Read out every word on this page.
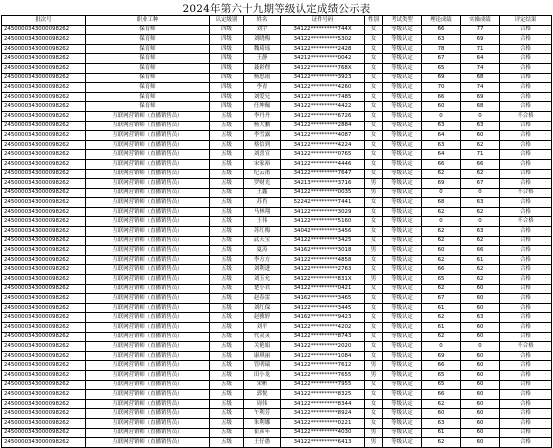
2024年第六十九期等级认定成绩公示表
批次号	职业工种	认定级别	姓名	证件号码	性别	考试类型	理论成绩	实操成绩	评定结果
2450000343000098262	保育师	四级	刘宇	34122**********744X	女	等级认定	66	77	合格
2450000343000098262	保育师	四级	刘晓梅	34122**********5302	女	等级认定	63	69	合格
2450000343000098262	保育师	四级	魏琦瑶	34122**********2428	女	等级认定	78	71	合格
2450000343000098262	保育师	四级	王静	34212**********0042	女	等级认定	67	64	合格
2450000343000098262	保育师	四级	聂彩俚	34122**********768X	女	等级认定	65	74	合格
2450000343000098262	保育师	四级	杨思雨	34122**********3923	女	等级认定	69	68	合格
2450000343000098262	保育师	四级	李青	34122**********4260	女	等级认定	70	74	合格
2450000343000098262	保育师	四级	刘爱兄	34122**********7485	女	等级认定	66	69	合格
2450000343000098262	保育师	四级	任坤佩	34122**********4422	女	等级认定	60	68	合格
2450000343000098262	互联网营销师（直播销售员）	五级	李丹丹	34122**********6726	女	等级认定	0	0	不合格
2450000343000098262	互联网营销师（直播销售员）	五级	杨大鹏	34122**********2884	女	等级认定	63	63	合格
2450000343000098262	互联网营销师（直播销售员）	五级	李雪露	34122**********4087	女	等级认定	64	60	合格
2450000343000098262	互联网营销师（直播销售员）	五级	蔡信到	34122**********4224	女	等级认定	63	62	合格
2450000343000098262	互联网营销师（直播销售员）	五级	刘喜宣	34122**********0765	女	等级认定	64	71	合格
2450000343000098262	互联网营销师（直播销售员）	五级	宋家裕	34122**********4446	女	等级认定	66	66	合格
2450000343000098262	互联网营销师（直播销售员）	五级	纪云淆	34122**********7647	女	等级认定	62	62	合格
2450000343000098262	互联网营销师（直播销售员）	五级	罗财光	34213**********3716	男	等级认定	69	67	合格
2450000343000098262	互联网营销师（直播销售员）	五级	王鑫	34122**********0035	男	等级认定	0	0	不合格
2450000343000098262	互联网营销师（直播销售员）	五级	苏肖	52242**********7441	女	等级认定	68	63	合格
2450000343000098262	互联网营销师（直播销售员）	五级	马林翔	34122**********3029	女	等级认定	62	62	合格
2450000343000098262	互联网营销师（直播销售员）	五级	王伟	34122**********5160	女	等级认定	0	0	不合格
2450000343000098262	互联网营销师（直播销售员）	五级	苏红梅	34042**********3456	女	等级认定	62	63	合格
2450000343000098262	互联网营销师（直播销售员）	五级	武天宝	34122**********3425	女	等级认定	62	62	合格
2450000343000098262	互联网营销师（直播销售员）	五级	夏涛	34162**********3018	男	等级认定	60	66	合格
2450000343000098262	互联网营销师（直播销售员）	五级	李方方	34122**********4858	女	等级认定	62	61	合格
2450000343000098262	互联网营销师（直播销售员）	五级	刘利进	34122**********2763	女	等级认定	66	62	合格
2450000343000098262	互联网营销师（直播销售员）	五级	刘玉允	34122**********831X	男	等级认定	65	62	合格
2450000343000098262	互联网营销师（直播销售员）	五级	楚小君	34122**********0421	女	等级认定	62	60	合格
2450000343000098262	互联网营销师（直播销售员）	五级	赵春雷	34162**********3465	女	等级认定	67	60	合格
2450000343000098262	互联网营销师（直播销售员）	五级	刘红保	34122**********3445	女	等级认定	61	60	合格
2450000343000098262	互联网营销师（直播销售员）	五级	赵雅婷	34162**********9423	女	等级认定	62	63	合格
2450000343000098262	互联网营销师（直播销售员）	五级	刘平	34122**********4202	女	等级认定	61	60	合格
2450000343000098262	互联网营销师（直播销售员）	五级	代灵灵	34122**********8743	女	等级认定	62	60	合格
2450000343000098262	互联网营销师（直播销售员）	五级	关艳娟	34122**********2020	女	等级认定	0	0	不合格
2450000343000098262	互联网营销师（直播销售员）	五级	康琪丽	34122**********1084	女	等级认定	69	60	合格
2450000343000098262	互联网营销师（直播销售员）	五级	管明瑞	34122**********7612	男	等级认定	66	60	合格
2450000343000098262	互联网营销师（直播销售员）	五级	田小龙	34122**********7655	男	等级认定	65	60	合格
2450000343000098262	互联网营销师（直播销售员）	五级	宋彬	34122**********7955	女	等级认定	65	60	合格
2450000343000098262	互联网营销师（直播销售员）	五级	郭悦	34122**********8325	女	等级认定	66	60	合格
2450000343000098262	互联网营销师（直播销售员）	五级	周伟	34122**********8344	女	等级认定	62	60	合格
2450000343000098262	互联网营销师（直播销售员）	五级	午利芳	34122**********8924	女	等级认定	60	60	合格
2450000343000098262	互联网营销师（直播销售员）	五级	朱利娜	34122**********0221	女	等级认定	63	60	合格
2450000343000098262	互联网营销师（直播销售员）	五级	崔彦年	34122**********4030	男	等级认定	61	60	合格
2450000343000098262	互联网营销师（直播销售员）	五级	王仔愚	34122**********6413	男	等级认定	62	60	合格
